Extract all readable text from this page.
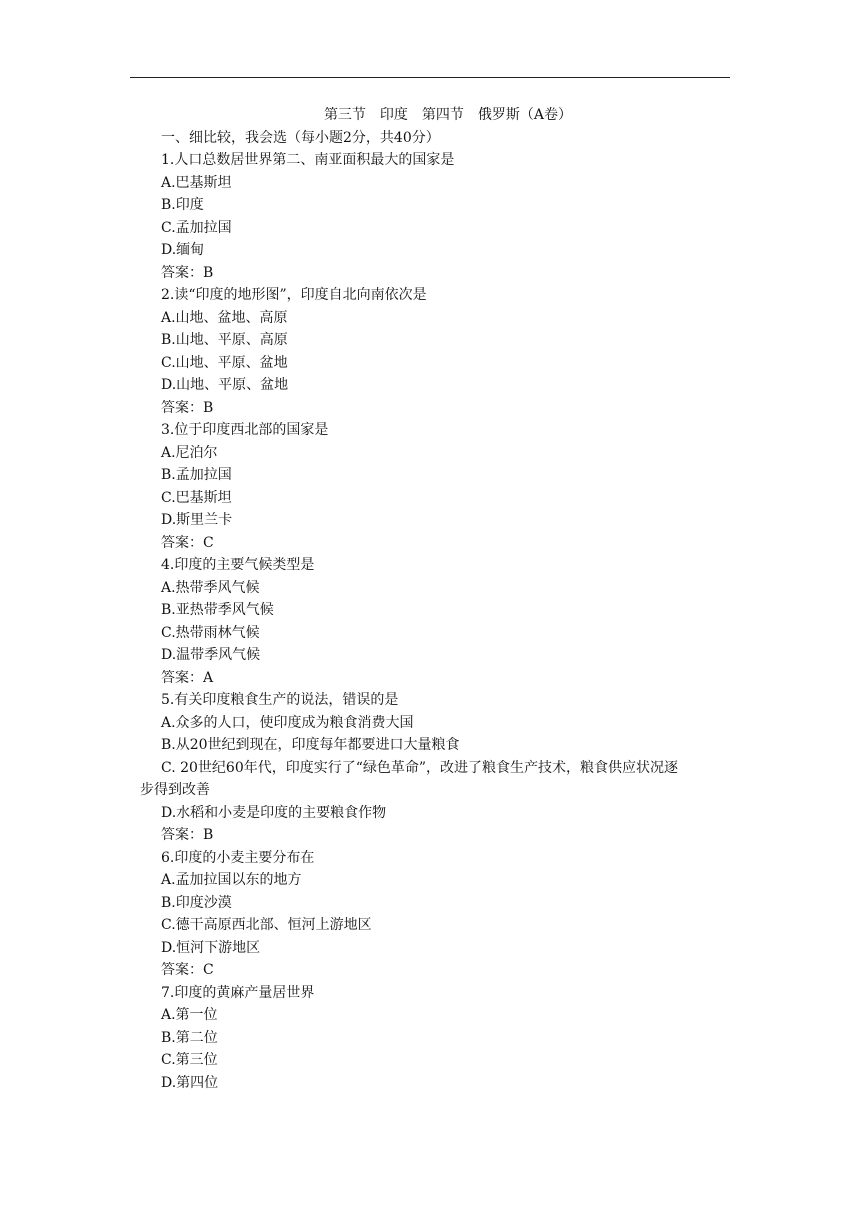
第三节　印度　第四节　俄罗斯（A卷）
一、细比较，我会选（每小题2分，共40分）
1.人口总数居世界第二、南亚面积最大的国家是
A.巴基斯坦
B.印度
C.孟加拉国
D.缅甸
答案：B
2.读“印度的地形图”，印度自北向南依次是
A.山地、盆地、高原
B.山地、平原、高原
C.山地、平原、盆地
D.山地、平原、盆地
答案：B
3.位于印度西北部的国家是
A.尼泊尔
B.孟加拉国
C.巴基斯坦
D.斯里兰卡
答案：C
4.印度的主要气候类型是
A.热带季风气候
B.亚热带季风气候
C.热带雨林气候
D.温带季风气候
答案：A
5.有关印度粮食生产的说法，错误的是
A.众多的人口，使印度成为粮食消费大国
B.从20世纪到现在，印度每年都要进口大量粮食
C. 20世纪60年代，印度实行了“绿色革命”，改进了粮食生产技术，粮食供应状况逐
步得到改善
D.水稻和小麦是印度的主要粮食作物
答案：B
6.印度的小麦主要分布在
A.孟加拉国以东的地方
B.印度沙漠
C.德干高原西北部、恒河上游地区
D.恒河下游地区
答案：C
7.印度的黄麻产量居世界
A.第一位
B.第二位
C.第三位
D.第四位
